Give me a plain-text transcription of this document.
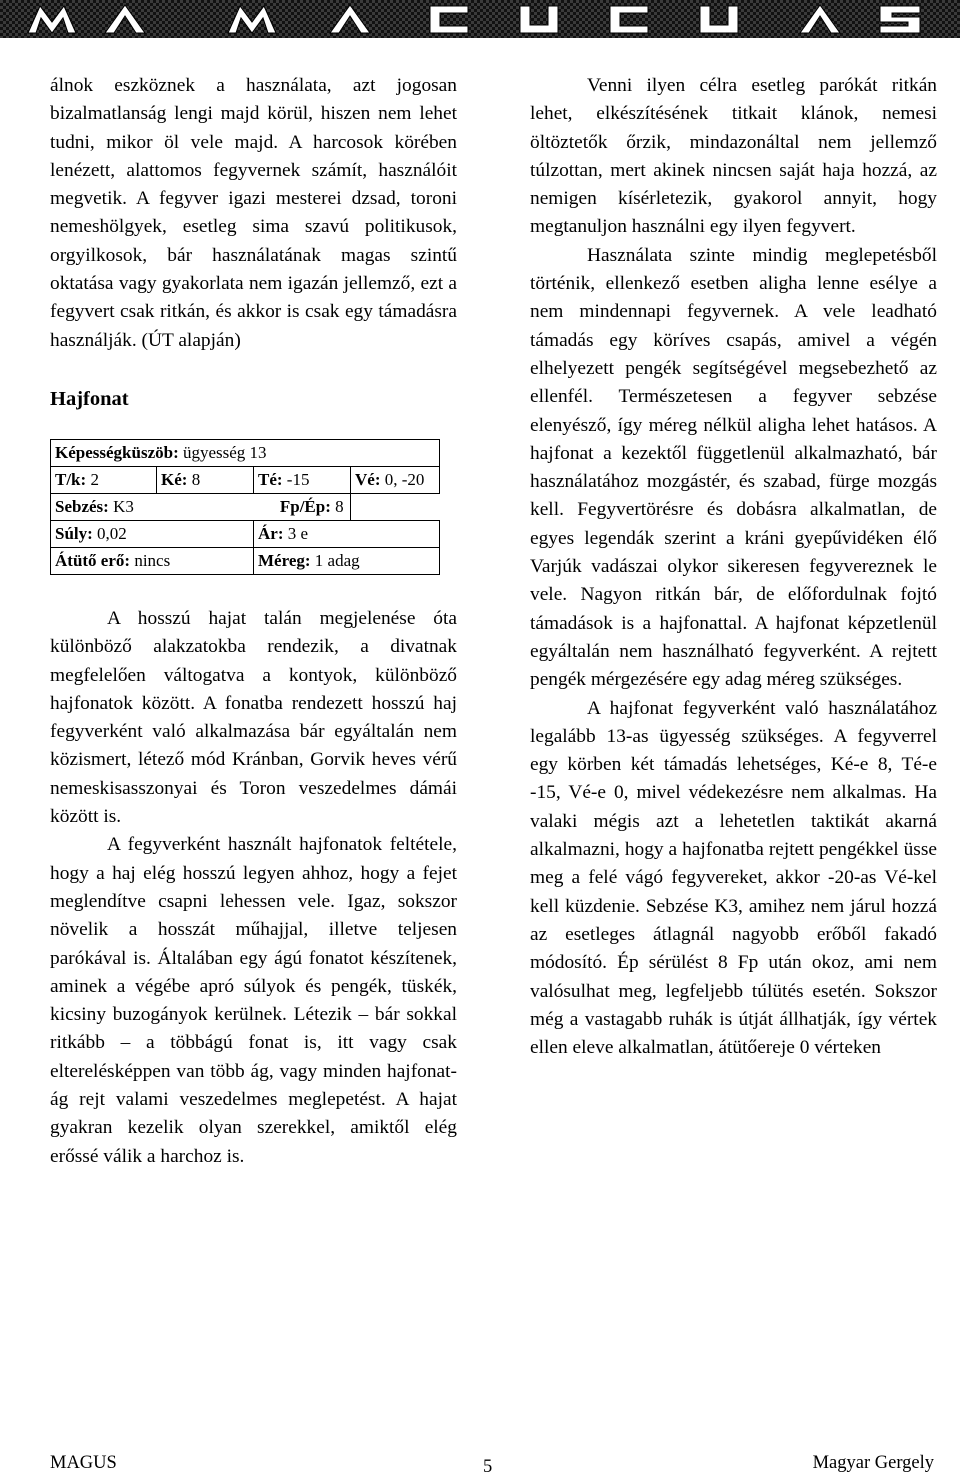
álnok eszköznek a használata, azt jogosan bizalmatlanság lengi majd körül, hiszen nem lehet tudni, mikor öl vele majd. A harcosok körében lenézett, alattomos fegyvernek számít, használóit megvetik. A fegyver igazi mesterei dzsad, toroni nemeshölgyek, esetleg sima szavú politikusok, orgyilkosok, bár használatának magas szintű oktatása vagy gyakorlata nem igazán jellemző, ezt a fegyvert csak ritkán, és akkor is csak egy támadásra használják. (ÚT alapján)

Hajfonat
Képességküszöb: ügyesség 13			
T/k: 2	Ké: 8	Té: -15	Vé: 0, -20
Sebzés: K3 Fp/Ép: 8			
Súly: 0,02		Ár: 3 e	
Átütő erő: nincs		Méreg: 1 adag	

A hosszú hajat talán megjelenése óta különböző alakzatokba rendezik, a divatnak megfelelően váltogatva a kontyok, különböző hajfonatok között. A fonatba rendezett hosszú haj fegyverként való alkalmazása bár egyáltalán nem közismert, létező mód Kránban, Gorvik heves vérű nemeskisasszonyai és Toron veszedelmes dámái között is.

A fegyverként használt hajfonatok feltétele, hogy a haj elég hosszú legyen ahhoz, hogy a fejet meglendítve csapni lehessen vele. Igaz, sokszor növelik a hosszát műhajjal, illetve teljesen parókával is. Általában egy ágú fonatot készítenek, aminek a végébe apró súlyok és pengék, tüskék, kicsiny buzogányok kerülnek. Létezik – bár sokkal ritkább – a többágú fonat is, itt vagy csak elterelésképpen van több ág, vagy minden hajfonat-ág rejt valami veszedelmes meglepetést. A hajat gyakran kezelik olyan szerekkel, amiktől elég erőssé válik a harchoz is.

Venni ilyen célra esetleg parókát ritkán lehet, elkészítésének titkait klánok, nemesi öltöztetők őrzik, mindazonáltal nem jellemző túlzottan, mert akinek nincsen saját haja hozzá, az nemigen kísérletezik, gyakorol annyit, hogy megtanuljon használni egy ilyen fegyvert.

Használata szinte mindig meglepetésből történik, ellenkező esetben aligha lenne esélye a nem mindennapi fegyvernek. A vele leadható támadás egy köríves csapás, amivel a végén elhelyezett pengék segítségével megsebezhető az ellenfél. Természetesen a fegyver sebzése elenyésző, így méreg nélkül aligha lehet hatásos. A hajfonat a kezektől függetlenül alkalmazható, bár használatához mozgástér, és szabad, fürge mozgás kell. Fegyvertörésre és dobásra alkalmatlan, de egyes legendák szerint a kráni gyepűvidéken élő Varjúk vadászai olykor sikeresen fegyvereznek le vele. Nagyon ritkán bár, de előfordulnak fojtó támadások is a hajfonattal. A hajfonat képzetlenül egyáltalán nem használható fegyverként. A rejtett pengék mérgezésére egy adag méreg szükséges.

A hajfonat fegyverként való használatához legalább 13-as ügyesség szükséges. A fegyverrel egy körben két támadás lehetséges, Ké-e 8, Té-e -15, Vé-e 0, mivel védekezésre nem alkalmas. Ha valaki mégis azt a lehetetlen taktikát akarná alkalmazni, hogy a hajfonatba rejtett pengékkel üsse meg a felé vágó fegyvereket, akkor -20-as Vé-kel kell küzdenie. Sebzése K3, amihez nem járul hozzá az esetleges átlagnál nagyobb erőből fakadó módosító. Ép sérülést 8 Fp után okoz, ami nem valósulhat meg, legfeljebb túlütés esetén. Sokszor még a vastagabb ruhák is útját állhatják, így vértek ellen eleve alkalmatlan, átütőereje 0 vérteken

MAGUS	5	Magyar Gergely
